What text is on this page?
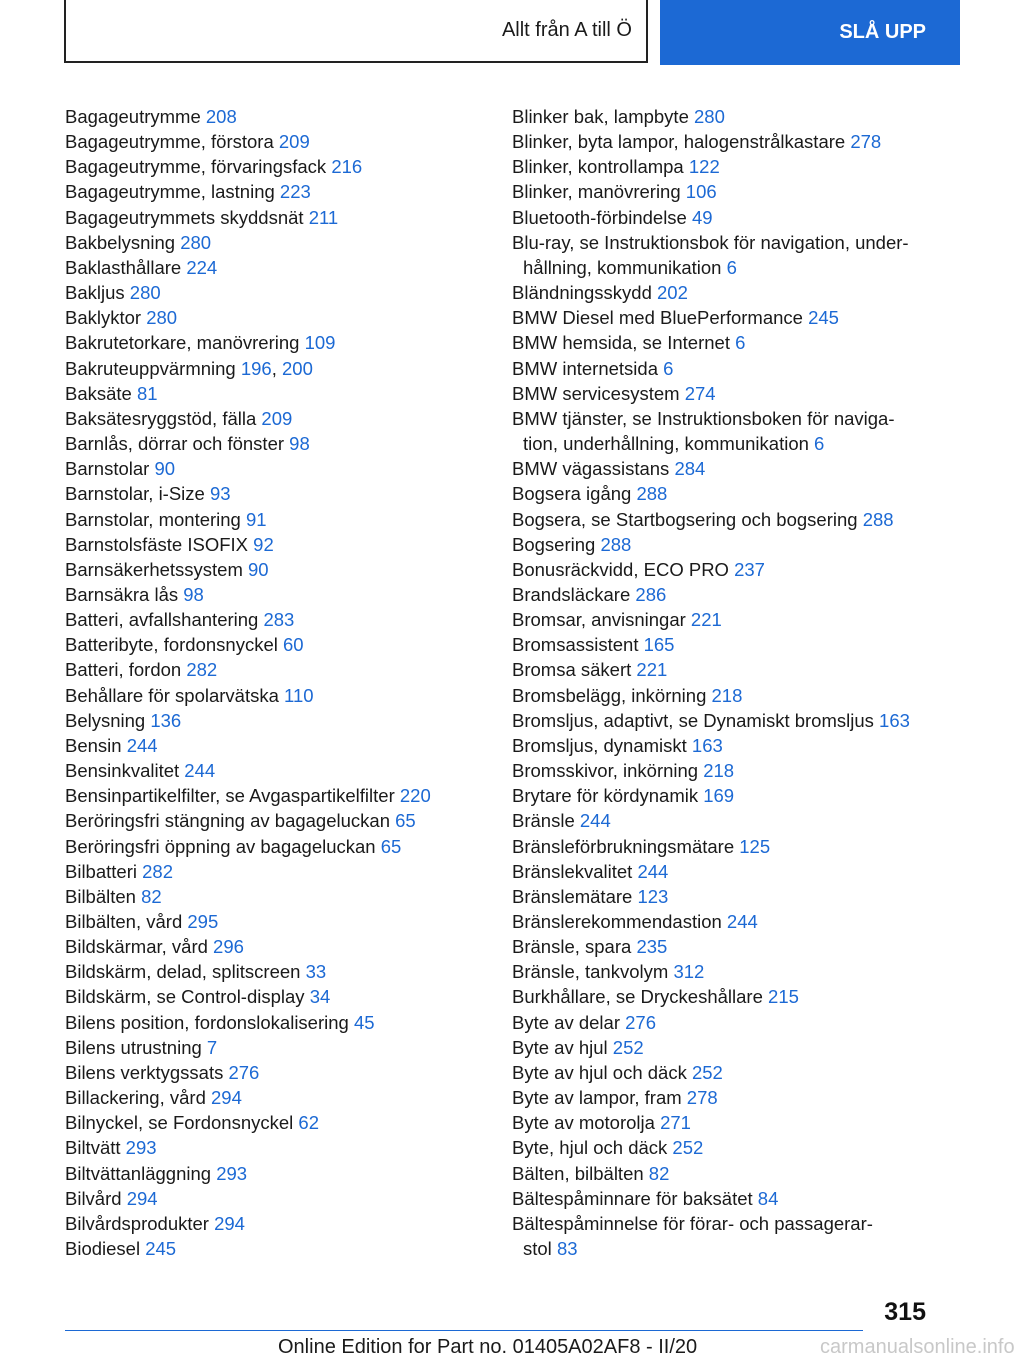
Allt från A till Ö	SLÅ UPP
Bagageutrymme 208
Bagageutrymme, förstora 209
Bagageutrymme, förvaringsfack 216
Bagageutrymme, lastning 223
Bagageutrymmets skyddsnät 211
Bakbelysning 280
Baklasthållare 224
Bakljus 280
Baklyktor 280
Bakrutetorkare, manövrering 109
Bakruteuppvärmning 196, 200
Baksäte 81
Baksätesryggstöd, fälla 209
Barnlås, dörrar och fönster 98
Barnstolar 90
Barnstolar, i-Size 93
Barnstolar, montering 91
Barnstolsfäste ISOFIX 92
Barnsäkerhetssystem 90
Barnsäkra lås 98
Batteri, avfallshantering 283
Batteribyte, fordonsnyckel 60
Batteri, fordon 282
Behållare för spolarvätska 110
Belysning 136
Bensin 244
Bensinkvalitet 244
Bensinpartikelfilter, se Avgaspartikelfilter 220
Beröringsfri stängning av bagageluckan 65
Beröringsfri öppning av bagageluckan 65
Bilbatteri 282
Bilbälten 82
Bilbälten, vård 295
Bildskärmar, vård 296
Bildskärm, delad, splitscreen 33
Bildskärm, se Control-display 34
Bilens position, fordonslokalisering 45
Bilens utrustning 7
Bilens verktygssats 276
Billackering, vård 294
Bilnyckel, se Fordonsnyckel 62
Biltvätt 293
Biltvättanläggning 293
Bilvård 294
Bilvårdsprodukter 294
Biodiesel 245
Blinker bak, lampbyte 280
Blinker, byta lampor, halogenstrålkastare 278
Blinker, kontrollampa 122
Blinker, manövrering 106
Bluetooth-förbindelse 49
Blu-ray, se Instruktionsbok för navigation, under-
hållning, kommunikation 6
Bländningsskydd 202
BMW Diesel med BluePerformance 245
BMW hemsida, se Internet 6
BMW internetsida 6
BMW servicesystem 274
BMW tjänster, se Instruktionsboken för naviga-
tion, underhållning, kommunikation 6
BMW vägassistans 284
Bogsera igång 288
Bogsera, se Startbogsering och bogsering 288
Bogsering 288
Bonusräckvidd, ECO PRO 237
Brandsläckare 286
Bromsar, anvisningar 221
Bromsassistent 165
Bromsa säkert 221
Bromsbelägg, inkörning 218
Bromsljus, adaptivt, se Dynamiskt bromsljus 163
Bromsljus, dynamiskt 163
Bromsskivor, inkörning 218
Brytare för kördynamik 169
Bränsle 244
Bränsleförbrukningsmätare 125
Bränslekvalitet 244
Bränslemätare 123
Bränslerekommendastion 244
Bränsle, spara 235
Bränsle, tankvolym 312
Burkhållare, se Dryckeshållare 215
Byte av delar 276
Byte av hjul 252
Byte av hjul och däck 252
Byte av lampor, fram 278
Byte av motorolja 271
Byte, hjul och däck 252
Bälten, bilbälten 82
Bältespåminnare för baksätet 84
Bältespåminnelse för förar- och passagerar-
stol 83
315
Online Edition for Part no. 01405A02AF8 - II/20	carmanualsonline.info
